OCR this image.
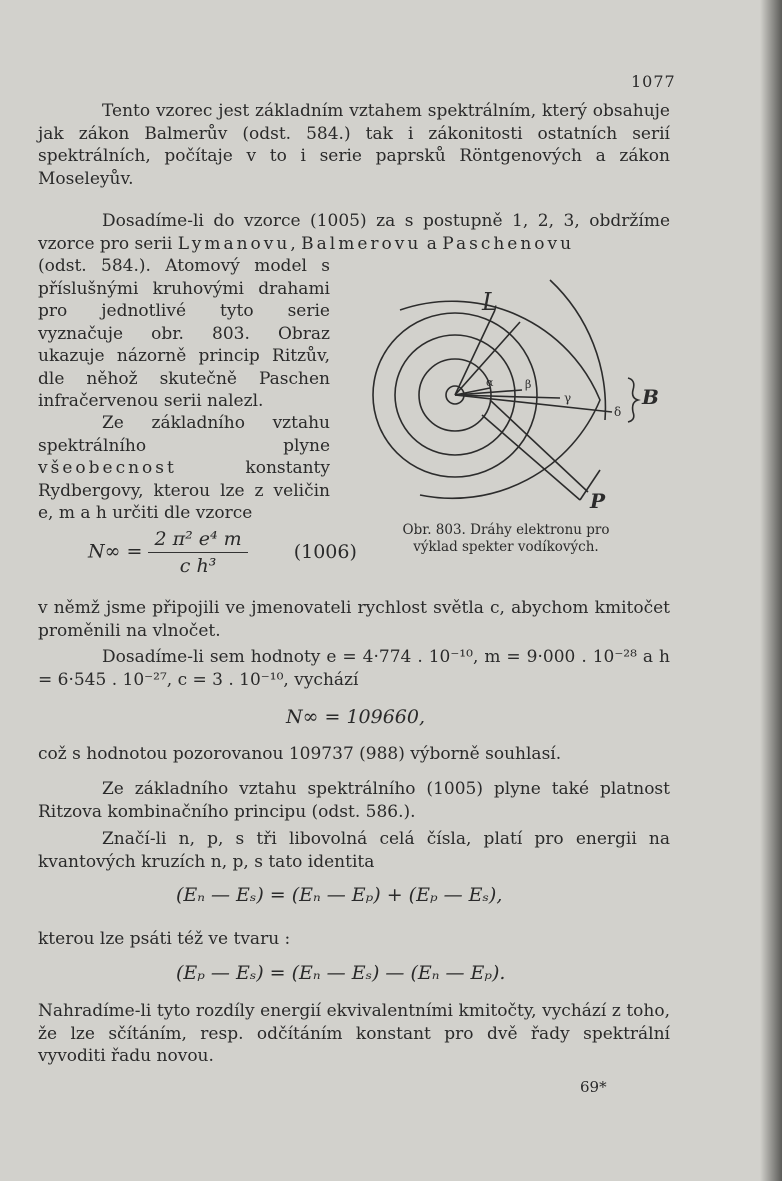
1077

Tento vzorec jest základním vztahem spektrálním, který obsahuje jak zákon Balmerův (odst. 584.) tak i zákonitosti ostatních serií spektrálních, počítaje v to i serie paprsků Röntgenových a zákon Moseleyův.

Dosadíme-li do vzorce (1005) za s postupně 1, 2, 3, obdržíme vzorce pro serii Lymanovu, Balmerovu a Paschenovu

(odst. 584.). Atomový model s příslušnými kruhovými drahami pro jednotlivé tyto serie vyznačuje obr. 803. Obraz ukazuje názorně princip Ritzův, dle něhož skutečně Paschen infračervenou serii nalezl.

Ze základního vztahu spektrálního plyne všeobecnost konstanty Rydbergovy, kterou lze z veličin e, m a h určiti dle vzorce

$N\infty = \frac{\text{2 π² e⁴ m}}{\text{c h³}} (1006)$
L
B
P
α	β
γ
δ
Obr. 803. Dráhy elektronu pro
výklad spekter vodíkových.

v němž jsme připojili ve jmenovateli rychlost světla c, abychom kmitočet proměnili na vlnočet.

Dosadíme-li sem hodnoty e = 4·774 . 10⁻¹⁰, m = 9·000 . 10⁻²⁸ a h = 6·545 . 10⁻²⁷, c = 3 . 10⁻¹⁰, vychází

N∞ = 109660,

což s hodnotou pozorovanou 109737 (988) výborně souhlasí.

Ze základního vztahu spektrálního (1005) plyne také platnost Ritzova kombinačního principu (odst. 586.).

Značí-li n, p, s tři libovolná celá čísla, platí pro energii na kvantových kruzích n, p, s tato identita

(Eₙ — Eₛ) = (Eₙ — Eₚ) + (Eₚ — Eₛ),

kterou lze psáti též ve tvaru :

(Eₚ — Eₛ) = (Eₙ — Eₛ) — (Eₙ — Eₚ).

Nahradíme-li tyto rozdíly energií ekvivalentními kmitočty, vychází z toho, že lze sčítáním, resp. odčítáním konstant pro dvě řady spektrální vyvoditi řadu novou.

69*
